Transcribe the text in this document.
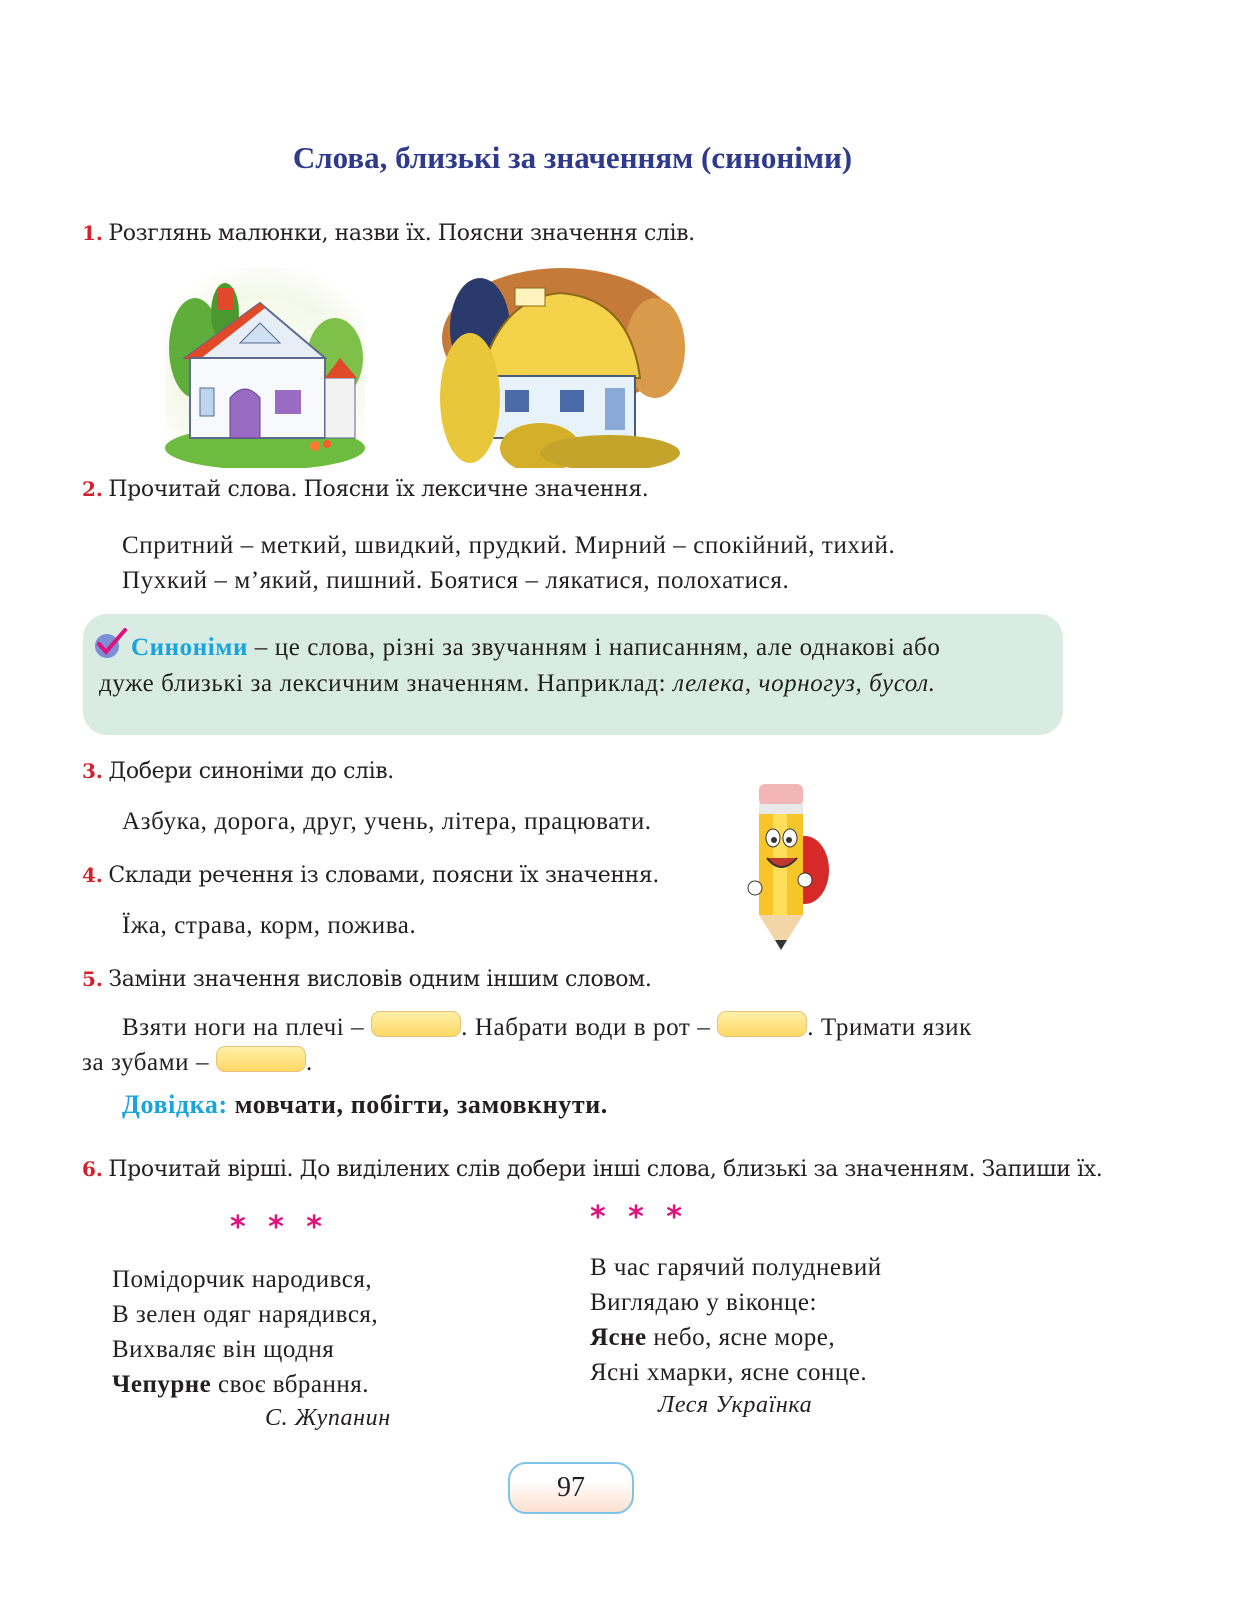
Слова, близькі за значенням (синоніми)
1. Розглянь малюнки, назви їх. Поясни значення слів.
2. Прочитай слова. Поясни їх лексичне значення.
Спритний – меткий, швидкий, прудкий. Мирний – спокійний, тихий.
Пухкий – м’який, пишний. Боятися – лякатися, полохатися.
Синоніми – це слова, різні за звучанням і написанням, але однакові або
дуже близькі за лексичним значенням. Наприклад: лелека, чорногуз, бусол.
3. Добери синоніми до слів.
Азбука, дорога, друг, учень, літера, працювати.
4. Склади речення із словами, поясни їх значення.
Їжа, страва, корм, пожива.
5. Заміни значення висловів одним іншим словом.
Взяти ноги на плечі –	. Набрати води в рот –	. Тримати язик
за зубами –	.
Довідка: мовчати, побігти, замовкнути.
6. Прочитай вірші. До виділених слів добери інші слова, близькі за значенням. Запиши їх.
* * *
Помідорчик народився,
В зелен одяг нарядився,
Вихваляє він щодня
Чепурне своє вбрання.
С. Жупанин
* * *
В час гарячий полудневий
Виглядаю у віконце:
Ясне небо, ясне море,
Ясні хмарки, ясне сонце.
Леся Українка
97
